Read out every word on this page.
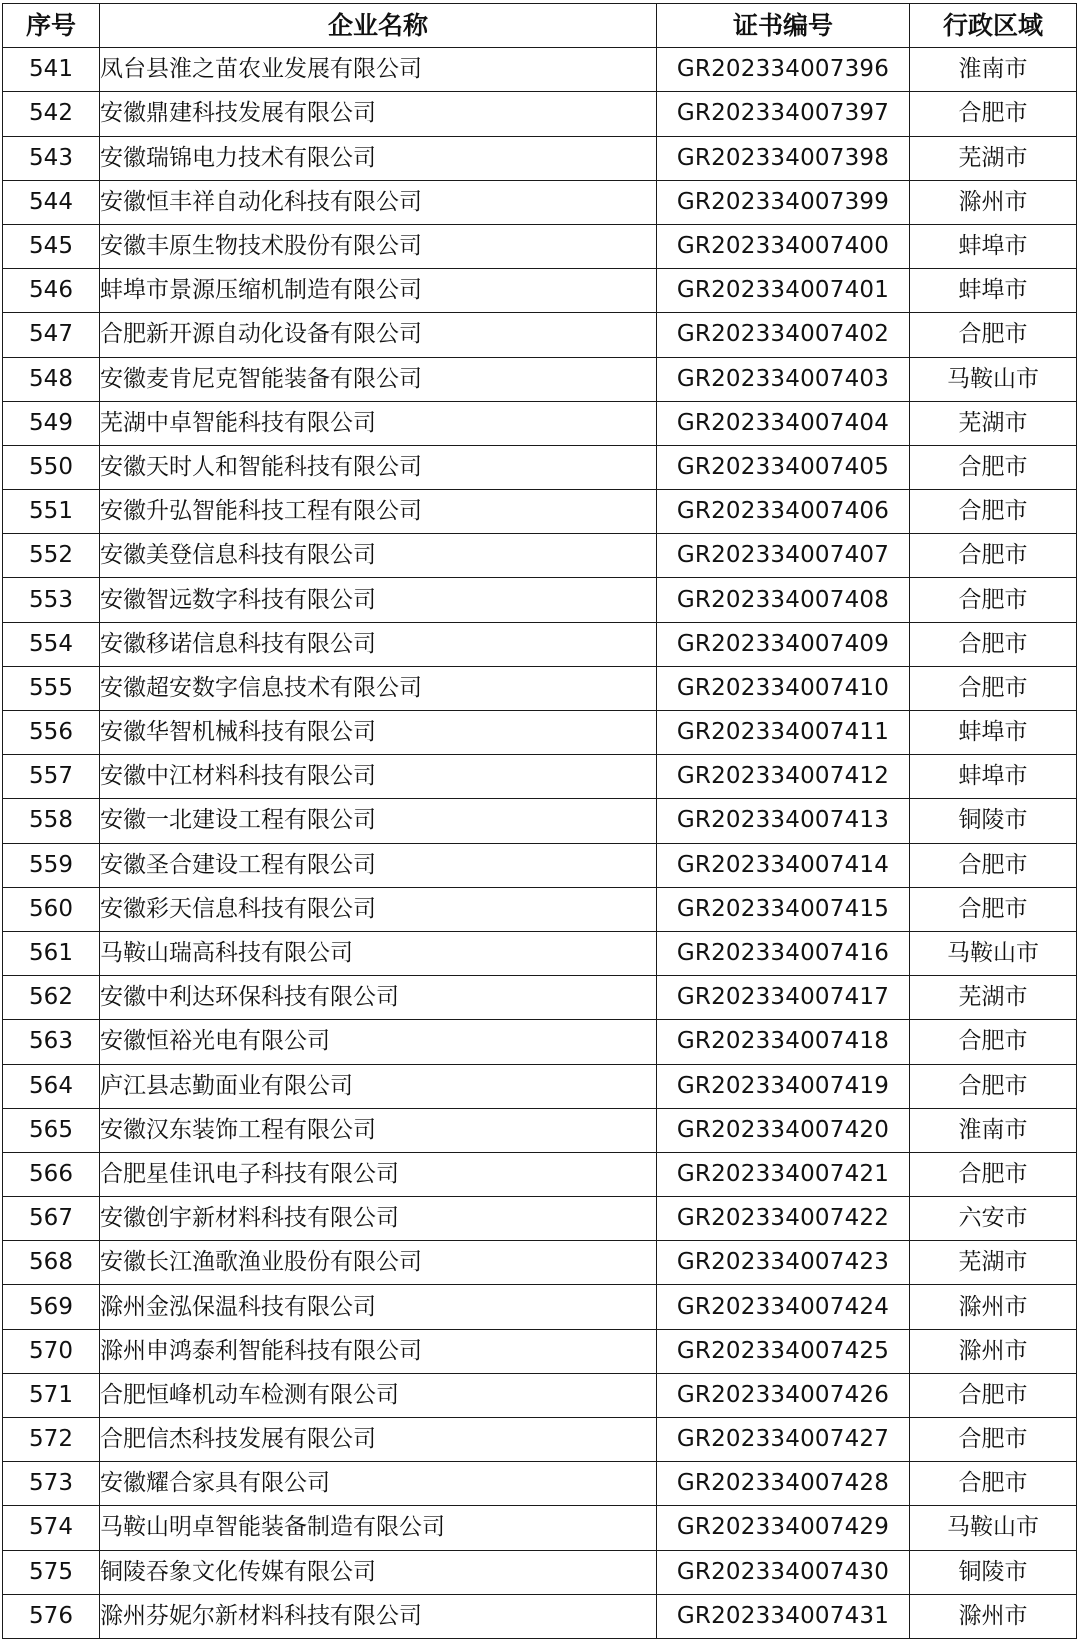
序号	企业名称	证书编号	行政区域
541	凤台县淮之苗农业发展有限公司	GR202334007396	淮南市
542	安徽鼎建科技发展有限公司	GR202334007397	合肥市
543	安徽瑞锦电力技术有限公司	GR202334007398	芜湖市
544	安徽恒丰祥自动化科技有限公司	GR202334007399	滁州市
545	安徽丰原生物技术股份有限公司	GR202334007400	蚌埠市
546	蚌埠市景源压缩机制造有限公司	GR202334007401	蚌埠市
547	合肥新开源自动化设备有限公司	GR202334007402	合肥市
548	安徽麦肯尼克智能装备有限公司	GR202334007403	马鞍山市
549	芜湖中卓智能科技有限公司	GR202334007404	芜湖市
550	安徽天时人和智能科技有限公司	GR202334007405	合肥市
551	安徽升弘智能科技工程有限公司	GR202334007406	合肥市
552	安徽美登信息科技有限公司	GR202334007407	合肥市
553	安徽智远数字科技有限公司	GR202334007408	合肥市
554	安徽移诺信息科技有限公司	GR202334007409	合肥市
555	安徽超安数字信息技术有限公司	GR202334007410	合肥市
556	安徽华智机械科技有限公司	GR202334007411	蚌埠市
557	安徽中江材料科技有限公司	GR202334007412	蚌埠市
558	安徽一北建设工程有限公司	GR202334007413	铜陵市
559	安徽圣合建设工程有限公司	GR202334007414	合肥市
560	安徽彩天信息科技有限公司	GR202334007415	合肥市
561	马鞍山瑞高科技有限公司	GR202334007416	马鞍山市
562	安徽中利达环保科技有限公司	GR202334007417	芜湖市
563	安徽恒裕光电有限公司	GR202334007418	合肥市
564	庐江县志勤面业有限公司	GR202334007419	合肥市
565	安徽汉东装饰工程有限公司	GR202334007420	淮南市
566	合肥星佳讯电子科技有限公司	GR202334007421	合肥市
567	安徽创宇新材料科技有限公司	GR202334007422	六安市
568	安徽长江渔歌渔业股份有限公司	GR202334007423	芜湖市
569	滁州金泓保温科技有限公司	GR202334007424	滁州市
570	滁州申鸿泰利智能科技有限公司	GR202334007425	滁州市
571	合肥恒峰机动车检测有限公司	GR202334007426	合肥市
572	合肥信杰科技发展有限公司	GR202334007427	合肥市
573	安徽耀合家具有限公司	GR202334007428	合肥市
574	马鞍山明卓智能装备制造有限公司	GR202334007429	马鞍山市
575	铜陵吞象文化传媒有限公司	GR202334007430	铜陵市
576	滁州芬妮尔新材料科技有限公司	GR202334007431	滁州市
